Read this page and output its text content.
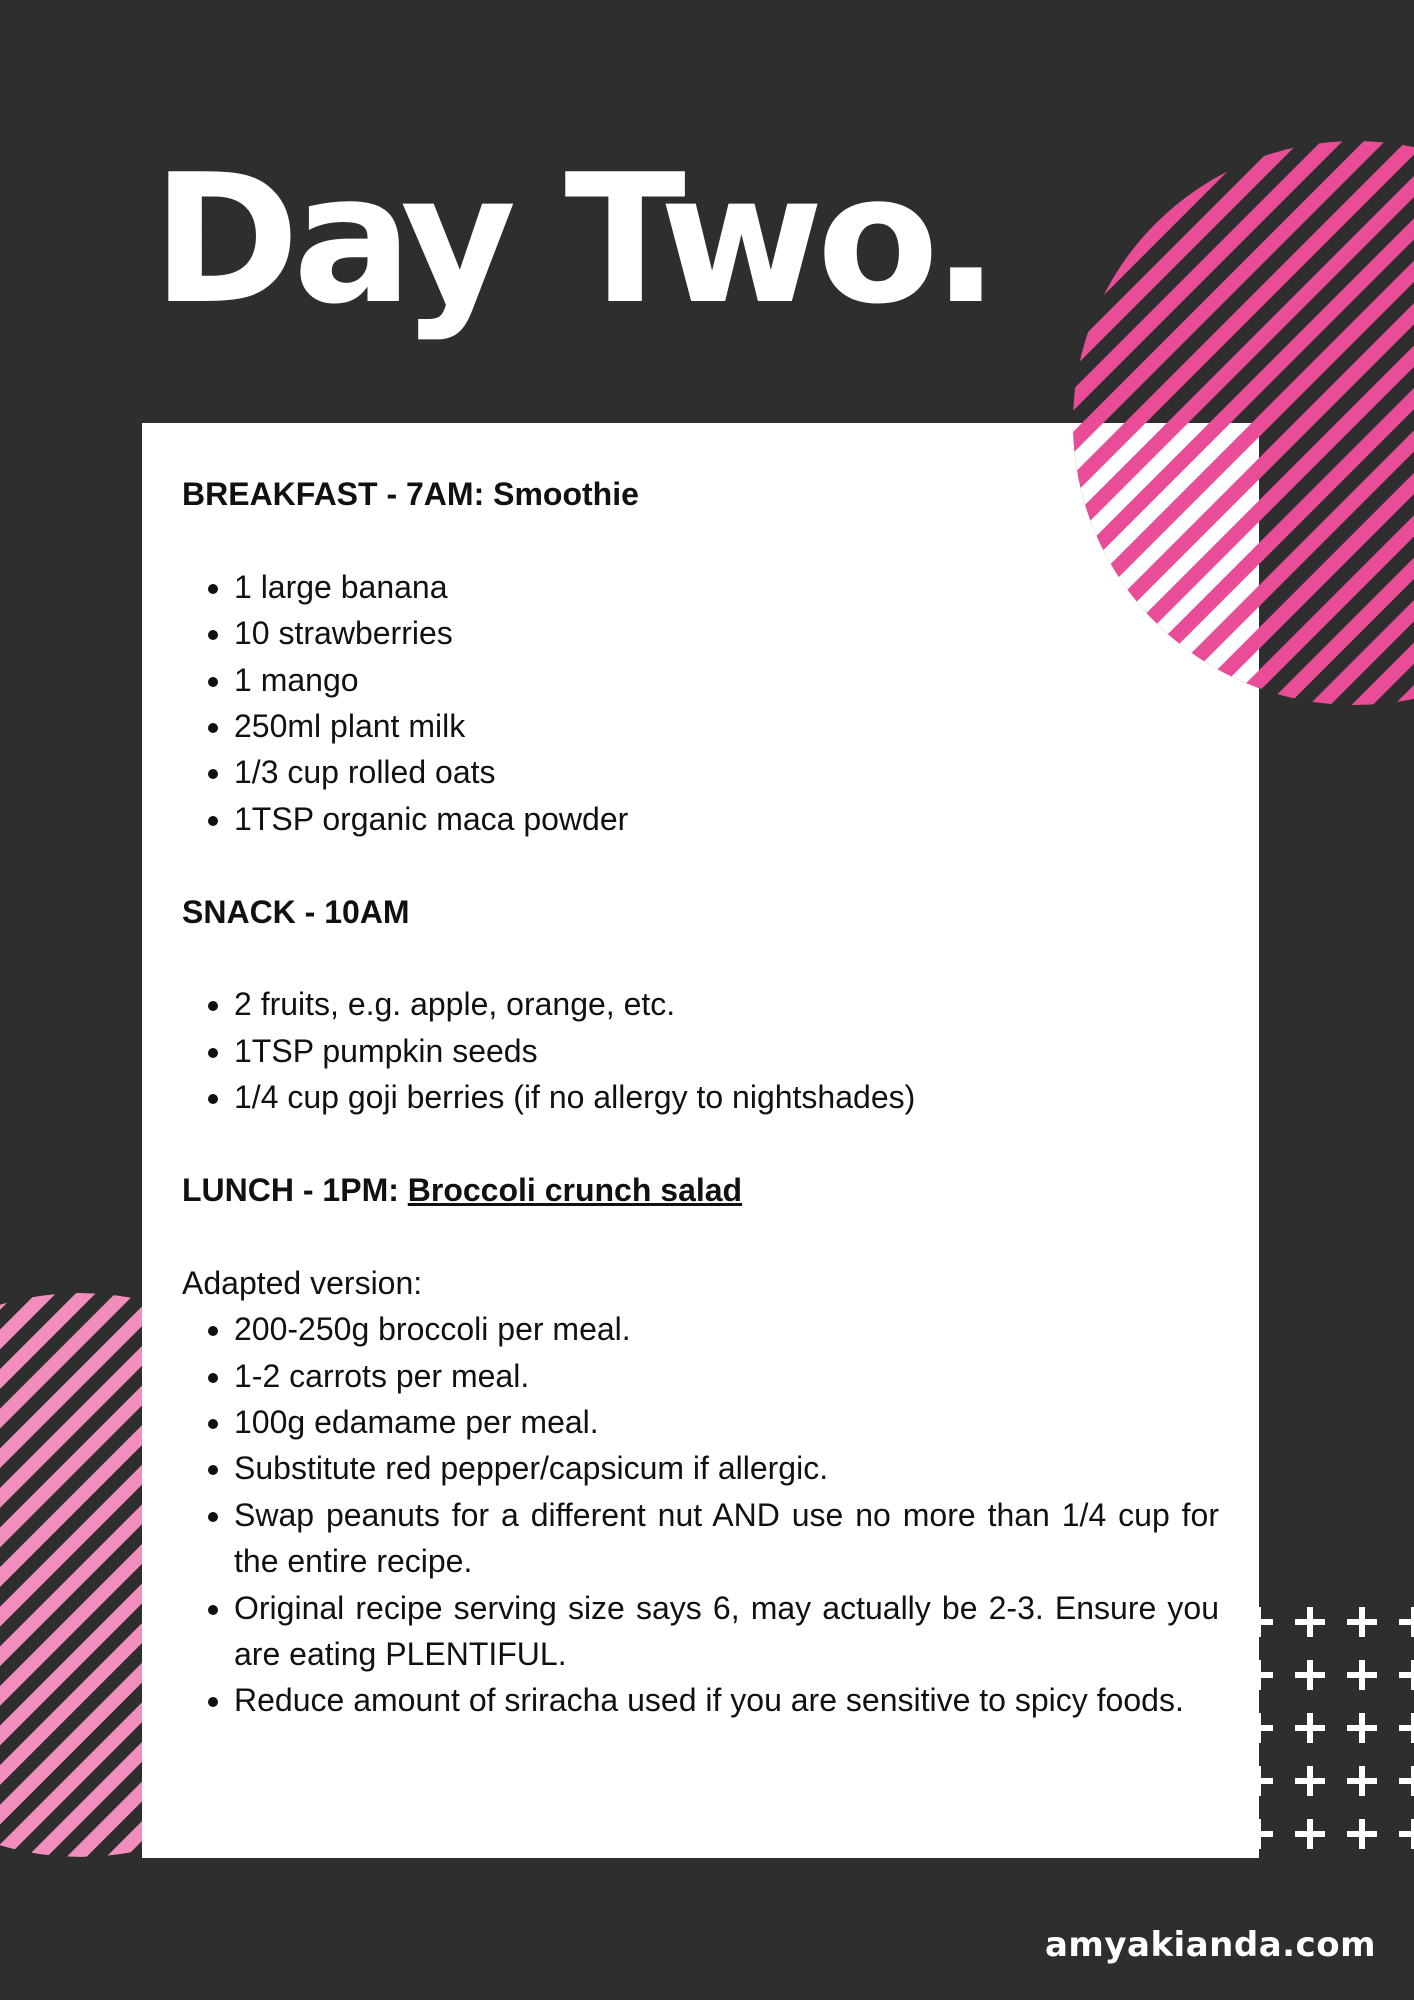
Day Two.

BREAKFAST - 7AM: Smoothie

• 1 large banana
• 10 strawberries
• 1 mango
• 250ml plant milk
• 1/3 cup rolled oats
• 1TSP organic maca powder

SNACK - 10AM

• 2 fruits, e.g. apple, orange, etc.
• 1TSP pumpkin seeds
• 1/4 cup goji berries (if no allergy to nightshades)

LUNCH - 1PM: Broccoli crunch salad

Adapted version:

• 200-250g broccoli per meal.
• 1-2 carrots per meal.
• 100g edamame per meal.
• Substitute red pepper/capsicum if allergic.
• Swap peanuts for a different nut AND use no more than 1/4 cup for the entire recipe.
• Original recipe serving size says 6, may actually be 2-3. Ensure you are eating PLENTIFUL.
• Reduce amount of sriracha used if you are sensitive to spicy foods.
amyakianda.com
